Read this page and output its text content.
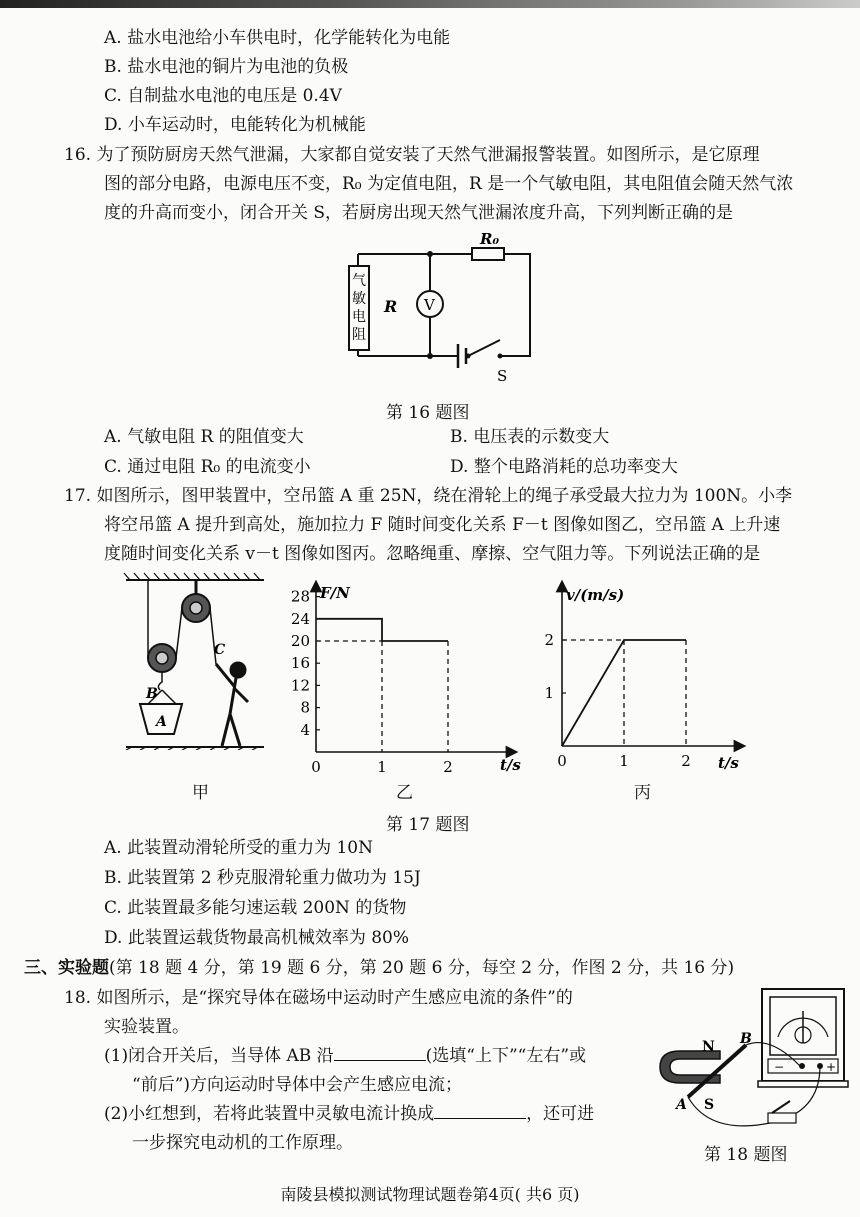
A. 盐水电池给小车供电时，化学能转化为电能
B. 盐水电池的铜片为电池的负极
C. 自制盐水电池的电压是 0.4V
D. 小车运动时，电能转化为机械能
16. 为了预防厨房天然气泄漏，大家都自觉安装了天然气泄漏报警装置。如图所示，是它原理
图的部分电路，电源电压不变，R₀ 为定值电阻，R 是一个气敏电阻，其电阻值会随天然气浓
度的升高而变小，闭合开关 S，若厨房出现天然气泄漏浓度升高，下列判断正确的是
V
R₀
R
气
敏
电
阻
S
第 16 题图
A. 气敏电阻 R 的阻值变大	B. 电压表的示数变大
C. 通过电阻 R₀ 的电流变小	D. 整个电路消耗的总功率变大
17. 如图所示，图甲装置中，空吊篮 A 重 25N，绕在滑轮上的绳子承受最大拉力为 100N。小李
将空吊篮 A 提升到高处，施加拉力 F 随时间变化关系 F－t 图像如图乙，空吊篮 A 上升速
度随时间变化关系 v－t 图像如图丙。忽略绳重、摩擦、空气阻力等。下列说法正确的是
A
B
C
甲
F/N
t/s
28
24
20
16
12
8
4
0	1	2
乙
v/(m/s)
t/s
2
1
0	1	2
丙
第 17 题图
A. 此装置动滑轮所受的重力为 10N
B. 此装置第 2 秒克服滑轮重力做功为 15J
C. 此装置最多能匀速运载 200N 的货物
D. 此装置运载货物最高机械效率为 80%
三、实验题(第 18 题 4 分，第 19 题 6 分，第 20 题 6 分，每空 2 分，作图 2 分，共 16 分)
18. 如图所示，是“探究导体在磁场中运动时产生感应电流的条件”的
实验装置。
(1)闭合开关后，当导体 AB 沿	(选填“上下”“左右”或
“前后”)方向运动时导体中会产生感应电流；
(2)小红想到，若将此装置中灵敏电流计换成	，还可进
一步探究电动机的工作原理。
−	+
N
S
A
B
第 18 题图
南陵县模拟测试物理试题卷第4页( 共6 页)
